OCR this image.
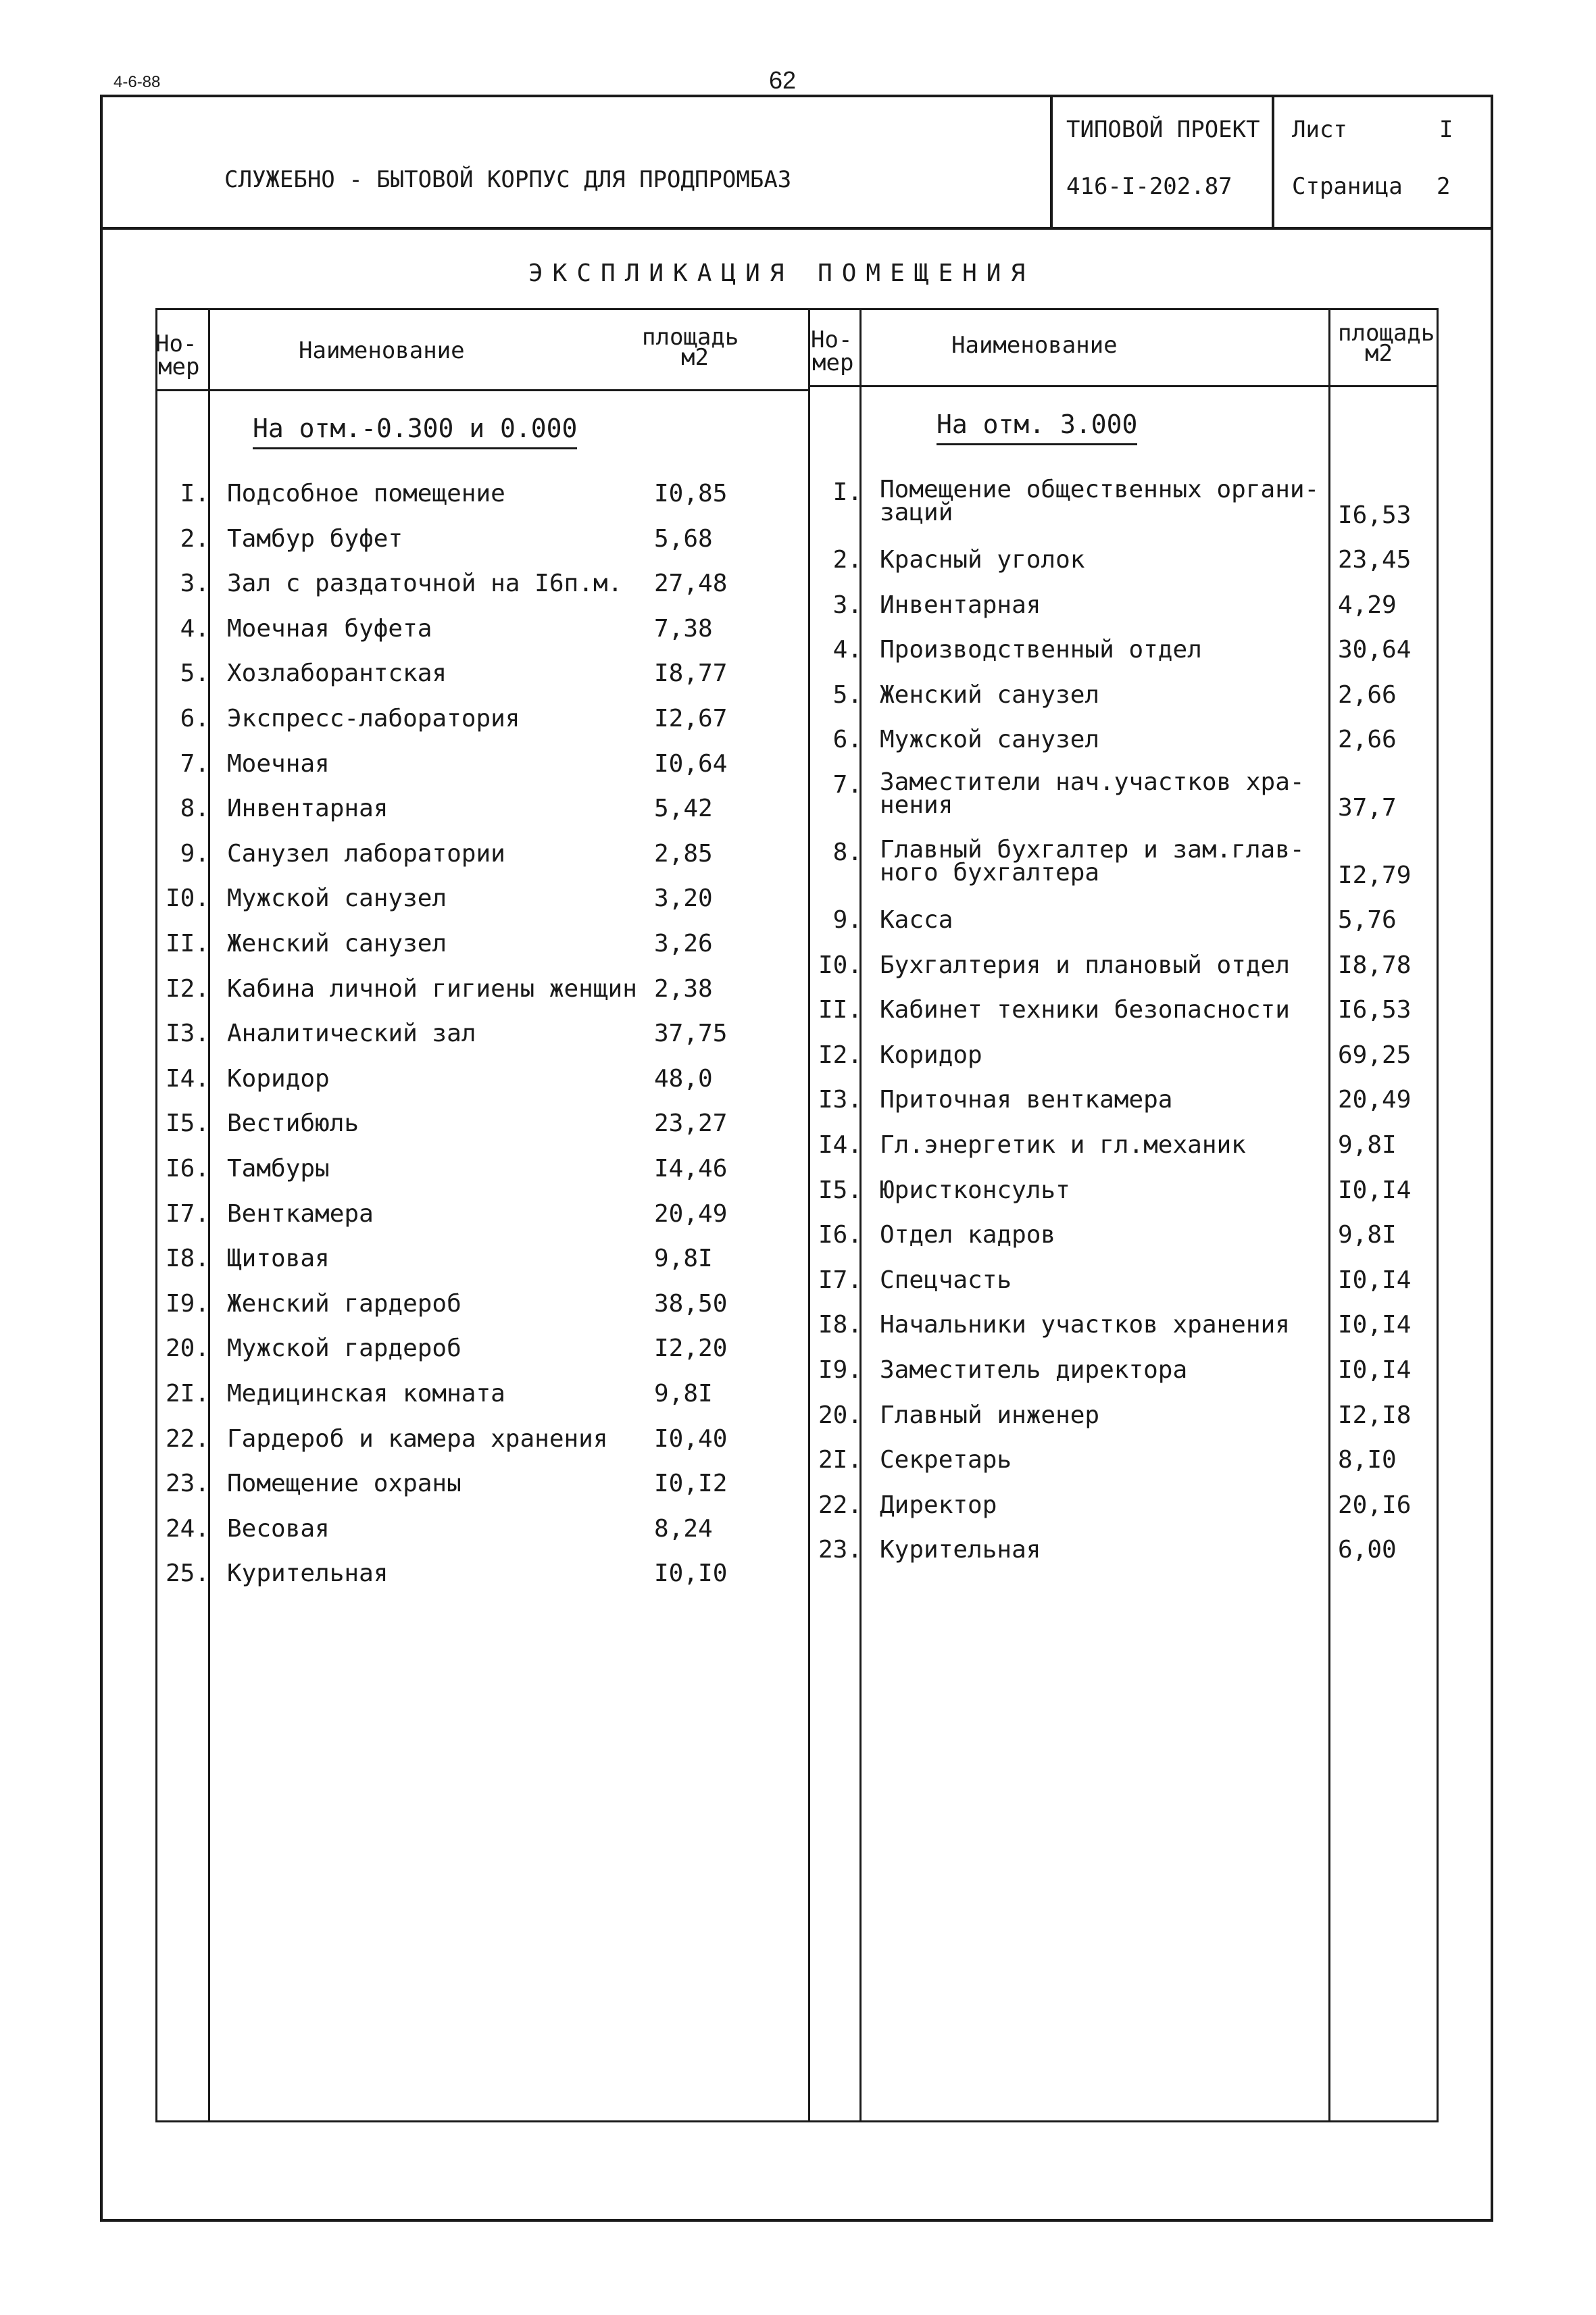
4-6-88	62
СЛУЖЕБНО - БЫТОВОЙ КОРПУС ДЛЯ ПРОДПРОМБАЗ
ТИПОВОЙ ПРОЕКТ
416-I-202.87
Лист	I
Страница 2
ЭКСПЛИКАЦИЯ ПОМЕЩЕНИЯ
Но-
мер
Наименование	площадь
м2
Но-
мер
Наименование	площадь
м2
На отм.-0.300 и 0.000	На отм. 3.000
I. Подсобное помещение	I0,85
2. Тамбур буфет	5,68
3. Зал с раздаточной на I6п.м. 27,48
4. Моечная буфета	7,38
5. Хозлаборантская	I8,77
6. Экспресс-лаборатория	I2,67
7. Моечная	I0,64
8. Инвентарная	5,42
9. Санузел лаборатории	2,85
I0. Мужской санузел	3,20
II. Женский санузел	3,26
I2. Кабина личной гигиены женщин 2,38
I3. Аналитический зал	37,75
I4. Коридор	48,0
I5. Вестибюль	23,27
I6. Тамбуры	I4,46
I7. Венткамера	20,49
I8. Щитовая	9,8I
I9. Женский гардероб	38,50
20. Мужской гардероб	I2,20
2I. Медицинская комната	9,8I
22. Гардероб и камера хранения I0,40
23. Помещение охраны	I0,I2
24. Весовая	8,24
25. Курительная	I0,I0
I. Помещение общественных органи-
заций	I6,53
2. Красный уголок	23,45
3. Инвентарная	4,29
4. Производственный отдел	30,64
5. Женский санузел	2,66
6. Мужской санузел	2,66
7. Заместители нач.участков хра-
нения	37,7
8. Главный бухгалтер и зам.глав-
ного бухгалтера	I2,79
9. Касса	5,76
I0. Бухгалтерия и плановый отдел I8,78
II. Кабинет техники безопасности I6,53
I2. Коридор	69,25
I3. Приточная венткамера	20,49
I4. Гл.энергетик и гл.механик	9,8I
I5. Юристконсульт	I0,I4
I6. Отдел кадров	9,8I
I7. Спецчасть	I0,I4
I8. Начальники участков хранения I0,I4
I9. Заместитель директора	I0,I4
20. Главный инженер	I2,I8
2I. Секретарь	8,I0
22. Директор	20,I6
23. Курительная	6,00
